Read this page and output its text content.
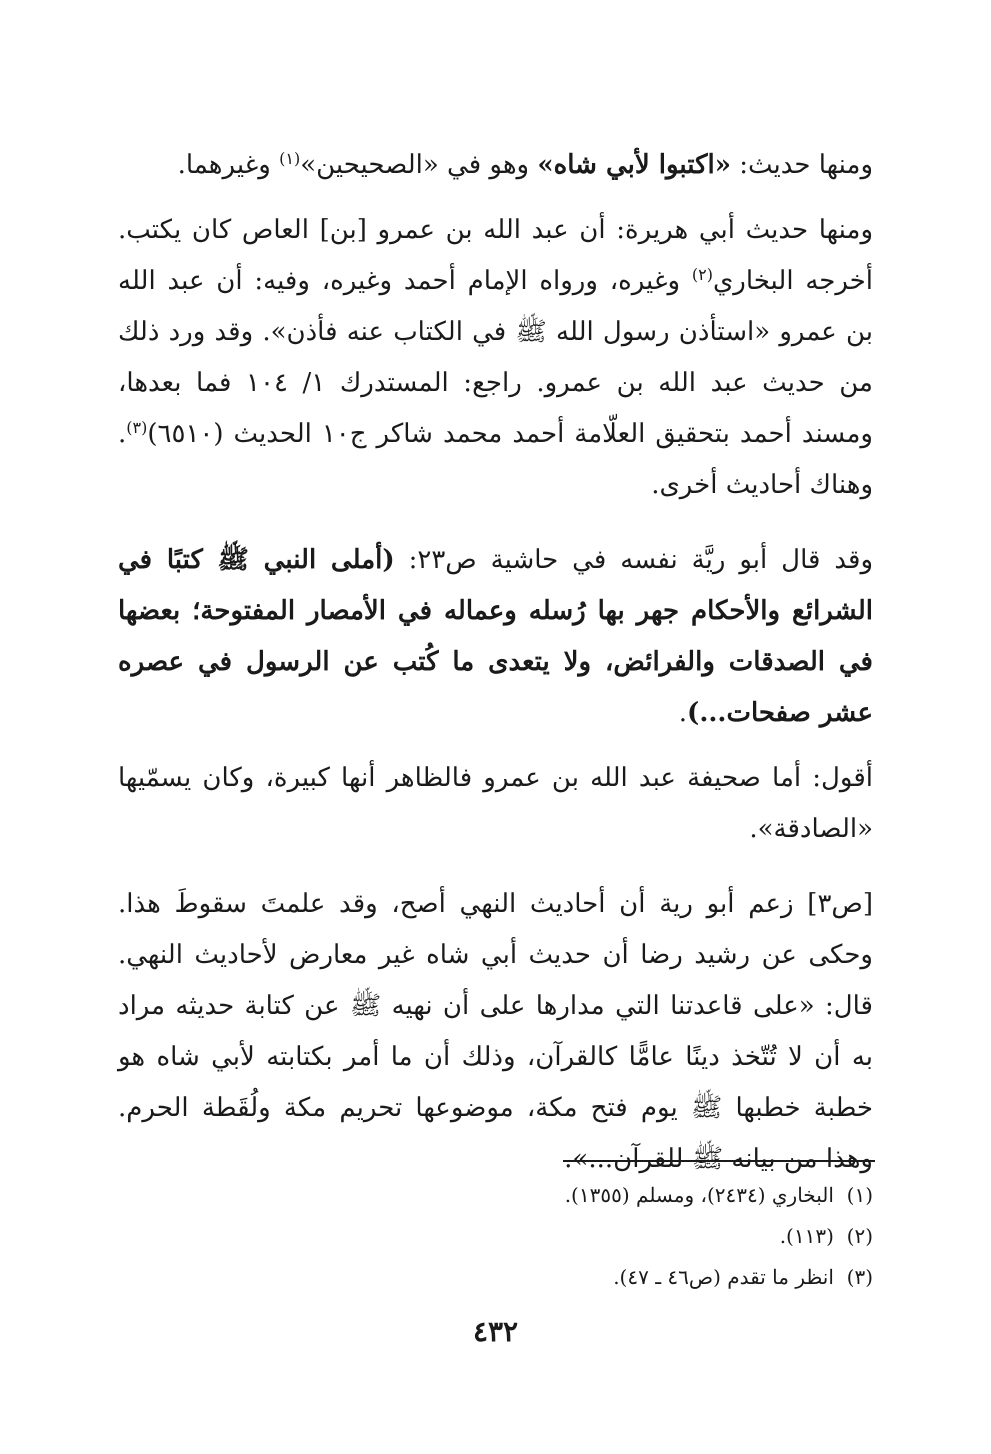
ومنها حديث: «اكتبوا لأبي شاه» وهو في «الصحيحين»$^{(١)}$ وغيرهما.

ومنها حديث أبي هريرة: أن عبد الله بن عمرو [بن] العاص كان يكتب. أخرجه البخاري$^{(٢)}$ وغيره، ورواه الإمام أحمد وغيره، وفيه: أن عبد الله بن عمرو «استأذن رسول الله ﷺ في الكتاب عنه فأذن». وقد ورد ذلك من حديث عبد الله بن عمرو. راجع: المستدرك ١/ ١٠٤ فما بعدها، ومسند أحمد بتحقيق العلّامة أحمد محمد شاكر ج١٠ الحديث (٦٥١٠)$^{(٣)}$. وهناك أحاديث أخرى.

وقد قال أبو ريَّة نفسه في حاشية ص٢٣: (أملى النبي ﷺ كتبًا في الشرائع والأحكام جهر بها رُسله وعماله في الأمصار المفتوحة؛ بعضها في الصدقات والفرائض، ولا يتعدى ما كُتب عن الرسول في عصره عشر صفحات...).

أقول: أما صحيفة عبد الله بن عمرو فالظاهر أنها كبيرة، وكان يسمّيها «الصادقة».

[ص٣] زعم أبو رية أن أحاديث النهي أصح، وقد علمتَ سقوطَ هذا. وحكى عن رشيد رضا أن حديث أبي شاه غير معارض لأحاديث النهي. قال: «على قاعدتنا التي مدارها على أن نهيه ﷺ عن كتابة حديثه مراد به أن لا تُتّخذ دينًا عامًّا كالقرآن، وذلك أن ما أمر بكتابته لأبي شاه هو خطبة خطبها ﷺ يوم فتح مكة، موضوعها تحريم مكة ولُقَطة الحرم. وهذا من بيانه ﷺ للقرآن...».

(١)  البخاري (٢٤٣٤)، ومسلم (١٣٥٥).

(٢)  (١١٣).

(٣)  انظر ما تقدم (ص٤٦ ـ ٤٧).

٤٣٢
